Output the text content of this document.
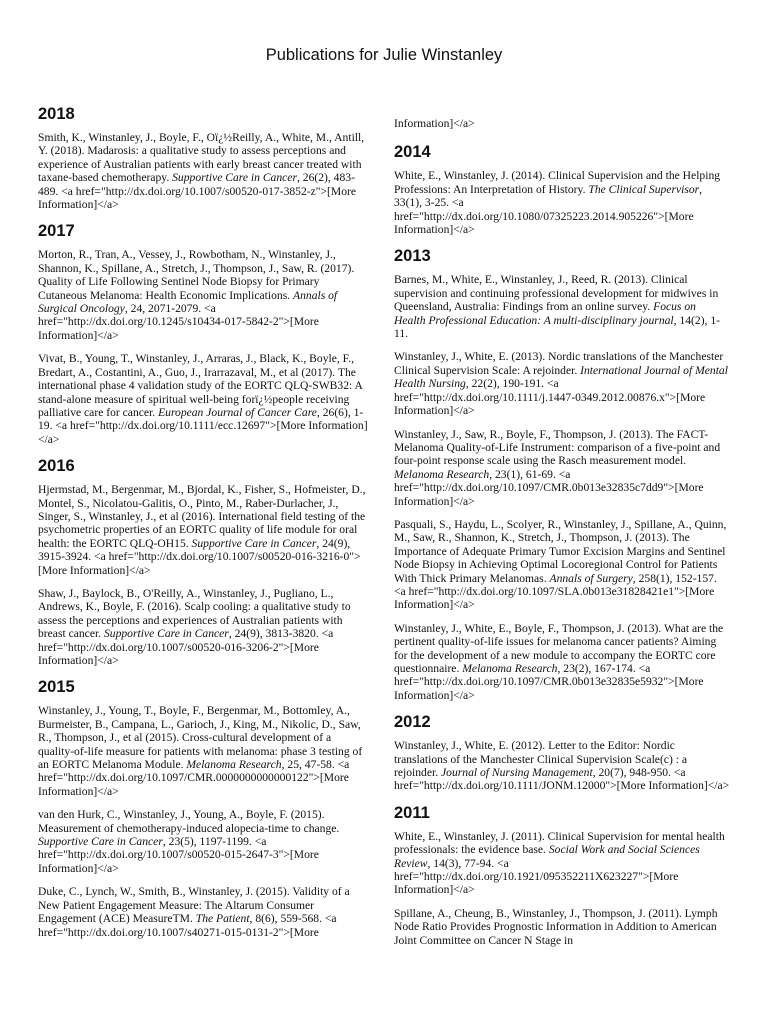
Publications for Julie Winstanley
2018
Smith, K., Winstanley, J., Boyle, F., Oï¿½Reilly, A., White, M., Antill, Y. (2018). Madarosis: a qualitative study to assess perceptions and experience of Australian patients with early breast cancer treated with taxane-based chemotherapy. Supportive Care in Cancer, 26(2), 483-489. <a href="http://dx.doi.org/10.1007/s00520-017-3852-z">[More Information]</a>
2017
Morton, R., Tran, A., Vessey, J., Rowbotham, N., Winstanley, J., Shannon, K., Spillane, A., Stretch, J., Thompson, J., Saw, R. (2017). Quality of Life Following Sentinel Node Biopsy for Primary Cutaneous Melanoma: Health Economic Implications. Annals of Surgical Oncology, 24, 2071-2079. <a href="http://dx.doi.org/10.1245/s10434-017-5842-2">[More Information]</a>
Vivat, B., Young, T., Winstanley, J., Arraras, J., Black, K., Boyle, F., Bredart, A., Costantini, A., Guo, J., Irarrazaval, M., et al (2017). The international phase 4 validation study of the EORTC QLQ-SWB32: A stand-alone measure of spiritual well-being forï¿½people receiving palliative care for cancer. European Journal of Cancer Care, 26(6), 1-19. <a href="http://dx.doi.org/10.1111/ecc.12697">[More Information]</a>
2016
Hjermstad, M., Bergenmar, M., Bjordal, K., Fisher, S., Hofmeister, D., Montel, S., Nicolatou-Galitis, O., Pinto, M., Raber-Durlacher, J., Singer, S., Winstanley, J., et al (2016). International field testing of the psychometric properties of an EORTC quality of life module for oral health: the EORTC QLQ-OH15. Supportive Care in Cancer, 24(9), 3915-3924. <a href="http://dx.doi.org/10.1007/s00520-016-3216-0">[More Information]</a>
Shaw, J., Baylock, B., O'Reilly, A., Winstanley, J., Pugliano, L., Andrews, K., Boyle, F. (2016). Scalp cooling: a qualitative study to assess the perceptions and experiences of Australian patients with breast cancer. Supportive Care in Cancer, 24(9), 3813-3820. <a href="http://dx.doi.org/10.1007/s00520-016-3206-2">[More Information]</a>
2015
Winstanley, J., Young, T., Boyle, F., Bergenmar, M., Bottomley, A., Burmeister, B., Campana, L., Garioch, J., King, M., Nikolic, D., Saw, R., Thompson, J., et al (2015). Cross-cultural development of a quality-of-life measure for patients with melanoma: phase 3 testing of an EORTC Melanoma Module. Melanoma Research, 25, 47-58. <a href="http://dx.doi.org/10.1097/CMR.0000000000000122">[More Information]</a>
van den Hurk, C., Winstanley, J., Young, A., Boyle, F. (2015). Measurement of chemotherapy-induced alopecia-time to change. Supportive Care in Cancer, 23(5), 1197-1199. <a href="http://dx.doi.org/10.1007/s00520-015-2647-3">[More Information]</a>
Duke, C., Lynch, W., Smith, B., Winstanley, J. (2015). Validity of a New Patient Engagement Measure: The Altarum Consumer Engagement (ACE) MeasureTM. The Patient, 8(6), 559-568. <a href="http://dx.doi.org/10.1007/s40271-015-0131-2">[More
Information]</a>
2014
White, E., Winstanley, J. (2014). Clinical Supervision and the Helping Professions: An Interpretation of History. The Clinical Supervisor, 33(1), 3-25. <a href="http://dx.doi.org/10.1080/07325223.2014.905226">[More Information]</a>
2013
Barnes, M., White, E., Winstanley, J., Reed, R. (2013). Clinical supervision and continuing professional development for midwives in Queensland, Australia: Findings from an online survey. Focus on Health Professional Education: A multi-disciplinary journal, 14(2), 1-11.
Winstanley, J., White, E. (2013). Nordic translations of the Manchester Clinical Supervision Scale: A rejoinder. International Journal of Mental Health Nursing, 22(2), 190-191. <a href="http://dx.doi.org/10.1111/j.1447-0349.2012.00876.x">[More Information]</a>
Winstanley, J., Saw, R., Boyle, F., Thompson, J. (2013). The FACT-Melanoma Quality-of-Life Instrument: comparison of a five-point and four-point response scale using the Rasch measurement model. Melanoma Research, 23(1), 61-69. <a href="http://dx.doi.org/10.1097/CMR.0b013e32835c7dd9">[More Information]</a>
Pasquali, S., Haydu, L., Scolyer, R., Winstanley, J., Spillane, A., Quinn, M., Saw, R., Shannon, K., Stretch, J., Thompson, J. (2013). The Importance of Adequate Primary Tumor Excision Margins and Sentinel Node Biopsy in Achieving Optimal Locoregional Control for Patients With Thick Primary Melanomas. Annals of Surgery, 258(1), 152-157. <a href="http://dx.doi.org/10.1097/SLA.0b013e31828421e1">[More Information]</a>
Winstanley, J., White, E., Boyle, F., Thompson, J. (2013). What are the pertinent quality-of-life issues for melanoma cancer patients? Aiming for the development of a new module to accompany the EORTC core questionnaire. Melanoma Research, 23(2), 167-174. <a href="http://dx.doi.org/10.1097/CMR.0b013e32835e5932">[More Information]</a>
2012
Winstanley, J., White, E. (2012). Letter to the Editor: Nordic translations of the Manchester Clinical Supervision Scale(c) : a rejoinder. Journal of Nursing Management, 20(7), 948-950. <a href="http://dx.doi.org/10.1111/JONM.12000">[More Information]</a>
2011
White, E., Winstanley, J. (2011). Clinical Supervision for mental health professionals: the evidence base. Social Work and Social Sciences Review, 14(3), 77-94. <a href="http://dx.doi.org/10.1921/095352211X623227">[More Information]</a>
Spillane, A., Cheung, B., Winstanley, J., Thompson, J. (2011). Lymph Node Ratio Provides Prognostic Information in Addition to American Joint Committee on Cancer N Stage in
